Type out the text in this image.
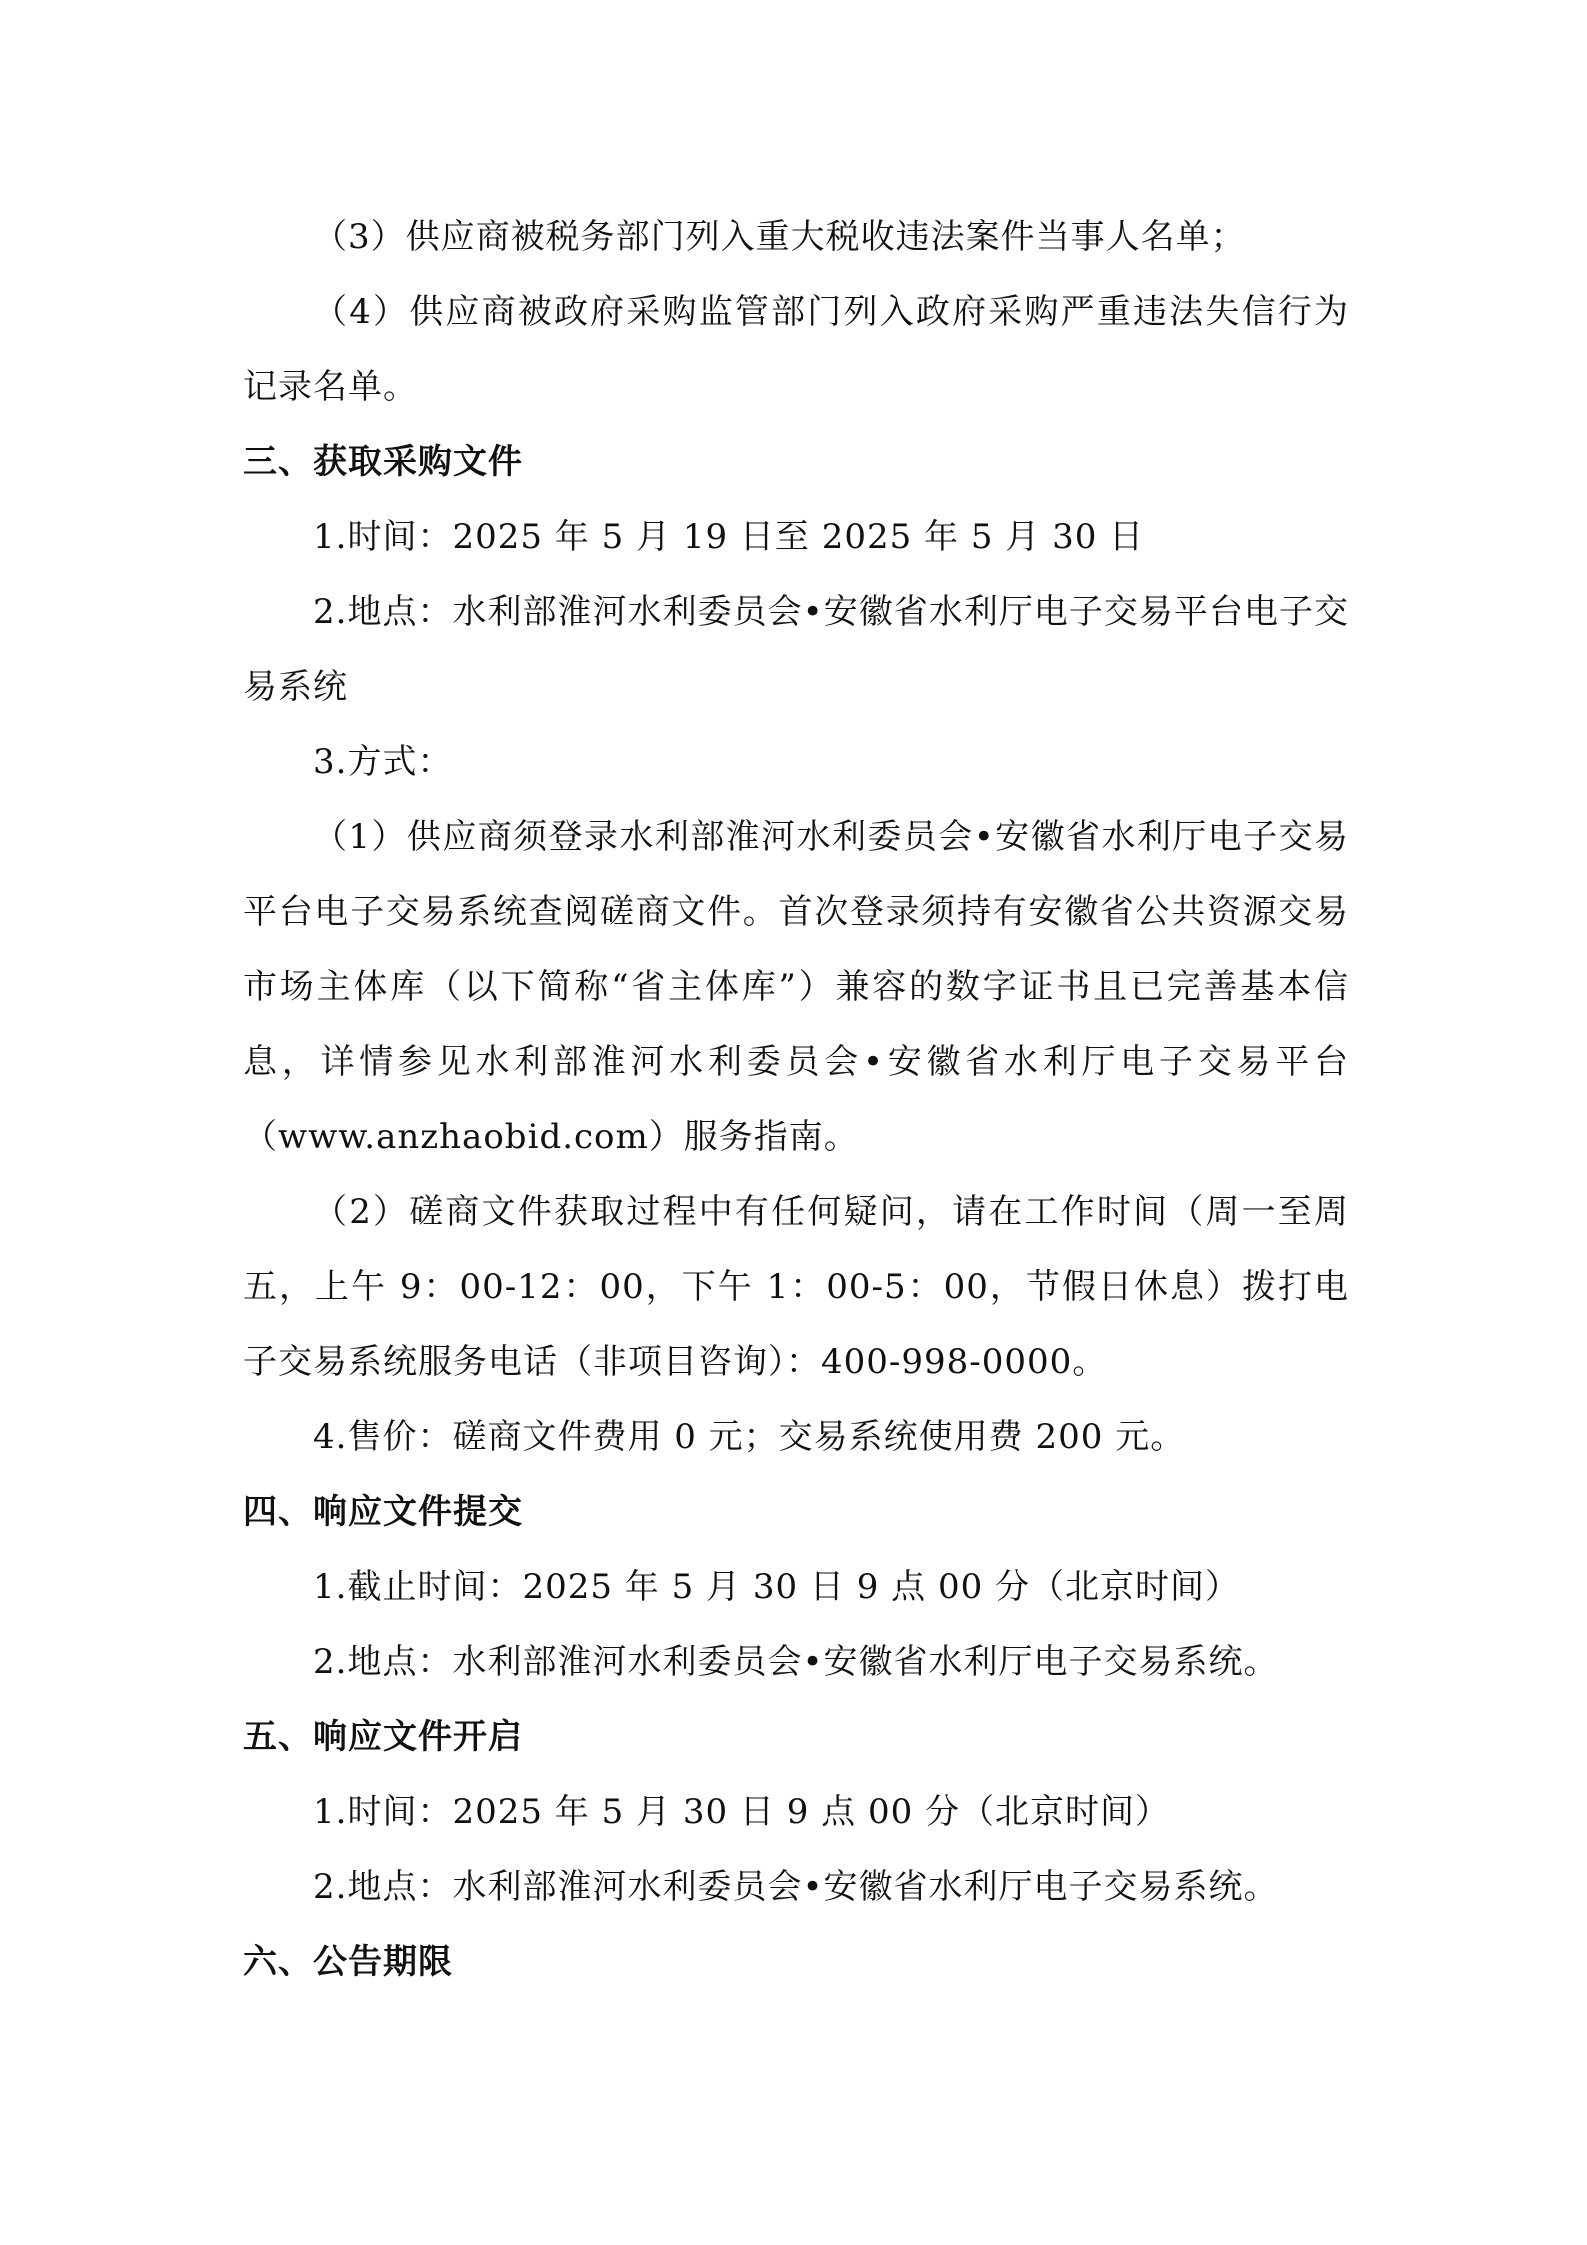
（3）供应商被税务部门列入重大税收违法案件当事人名单；

（4）供应商被政府采购监管部门列入政府采购严重违法失信行为记录名单。

三、获取采购文件

1.时间：2025 年 5 月 19 日至 2025 年 5 月 30 日

2.地点：水利部淮河水利委员会•安徽省水利厅电子交易平台电子交易系统

3.方式：

（1）供应商须登录水利部淮河水利委员会•安徽省水利厅电子交易平台电子交易系统查阅磋商文件。首次登录须持有安徽省公共资源交易市场主体库（以下简称“省主体库”）兼容的数字证书且已完善基本信息，详情参见水利部淮河水利委员会•安徽省水利厅电子交易平台（www.anzhaobid.com）服务指南。

（2）磋商文件获取过程中有任何疑问，请在工作时间（周一至周五，上午 9：00-12：00，下午 1：00-5：00，节假日休息）拨打电子交易系统服务电话（非项目咨询）：400-998-0000。

4.售价：磋商文件费用 0 元；交易系统使用费 200 元。

四、响应文件提交

1.截止时间：2025 年 5 月 30 日 9 点 00 分（北京时间）

2.地点：水利部淮河水利委员会•安徽省水利厅电子交易系统。

五、响应文件开启

1.时间：2025 年 5 月 30 日 9 点 00 分（北京时间）

2.地点：水利部淮河水利委员会•安徽省水利厅电子交易系统。

六、公告期限
